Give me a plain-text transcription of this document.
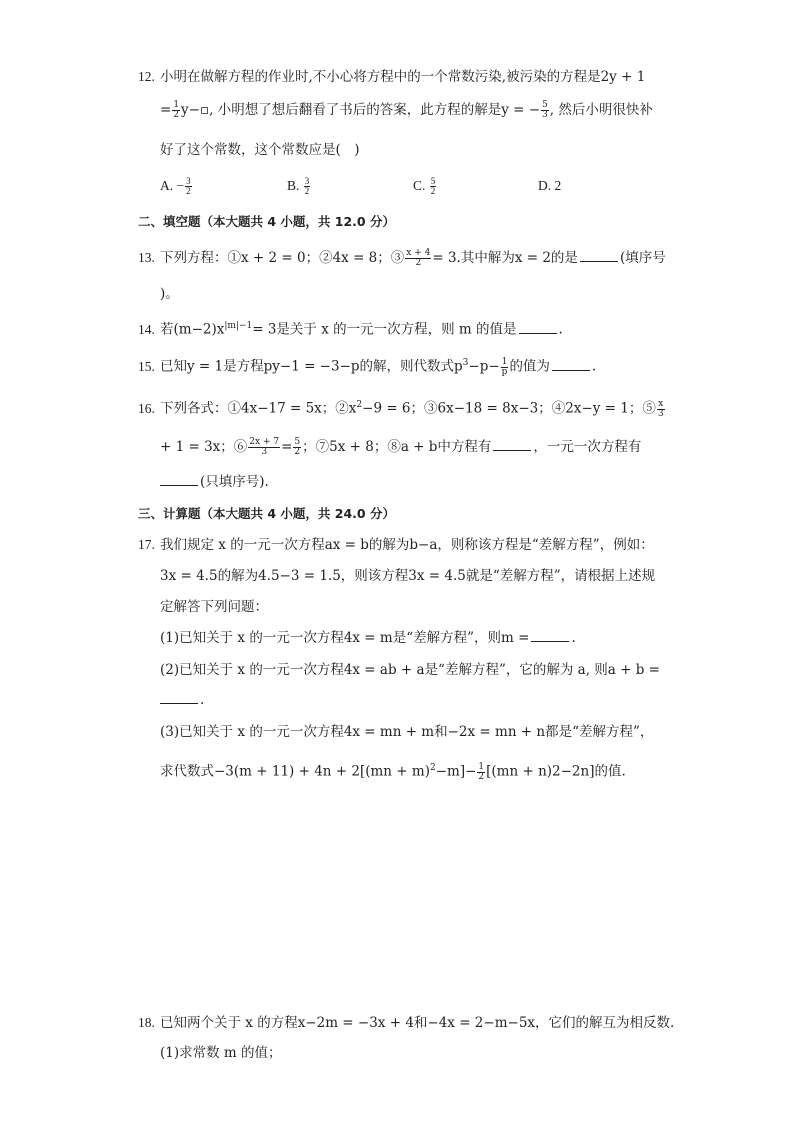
12. 小明在做解方程的作业时,不小心将方程中的一个常数污染,被污染的方程是2y + 1
= $\frac{1}{2}$ y−▫, 小明想了想后翻看了书后的答案，此方程的解是y = − $\frac{5}{3}$ , 然后小明很快补
好了这个常数，这个常数应是(　)
A. − $\frac{3}{2}$	B. $\frac{3}{2}$	C. $\frac{5}{2}$	D. 2
二、填空题（本大题共 4 小题，共 12.0 分）
13. 下列方程：①x + 2 = 0；②4x = 8；③ $\frac{x + 4}{2} = 3$.其中解为x = 2的是	(填序号
)。
14. 若$(m-2)x^{|m|-1}= 3$是关于 x 的一元一次方程，则 m 的值是	.
15. 已知y = 1是方程py−1 = −3−p的解，则代数式$p^3-p- \frac{1}{p}$ 的值为	.
16. 下列各式：①4x−17 = 5x；$②x^2-9 = 6$；③6x−18 = 8x−3；④2x−y = 1；⑤ $\frac{x}{3}$
+ 1 = 3x；⑥ $\frac{2x + 7}{3} = \frac{5}{2}$ ；⑦5x + 8；⑧a + b中方程有	，一元一次方程有
(只填序号).
三、计算题（本大题共 4 小题，共 24.0 分）
17. 我们规定 x 的一元一次方程ax = b的解为b−a，则称该方程是“差解方程”，例如：
3x = 4.5的解为4.5−3 = 1.5，则该方程3x = 4.5就是“差解方程”，请根据上述规
定解答下列问题：
(1)已知关于 x 的一元一次方程4x = m是“差解方程”，则m =	.
(2)已知关于 x 的一元一次方程4x = ab + a是“差解方程”，它的解为 a, 则a + b =
.
(3)已知关于 x 的一元一次方程4x = mn + m和−2x = mn + n都是“差解方程”，
求代数式$-3(m + 11) + 4n + 2[(mn + m)^2-m]- \frac{1}{2} [(mn + n)2-2n]$的值.
18. 已知两个关于 x 的方程x−2m = −3x + 4和−4x = 2−m−5x，它们的解互为相反数.
(1)求常数 m 的值；
